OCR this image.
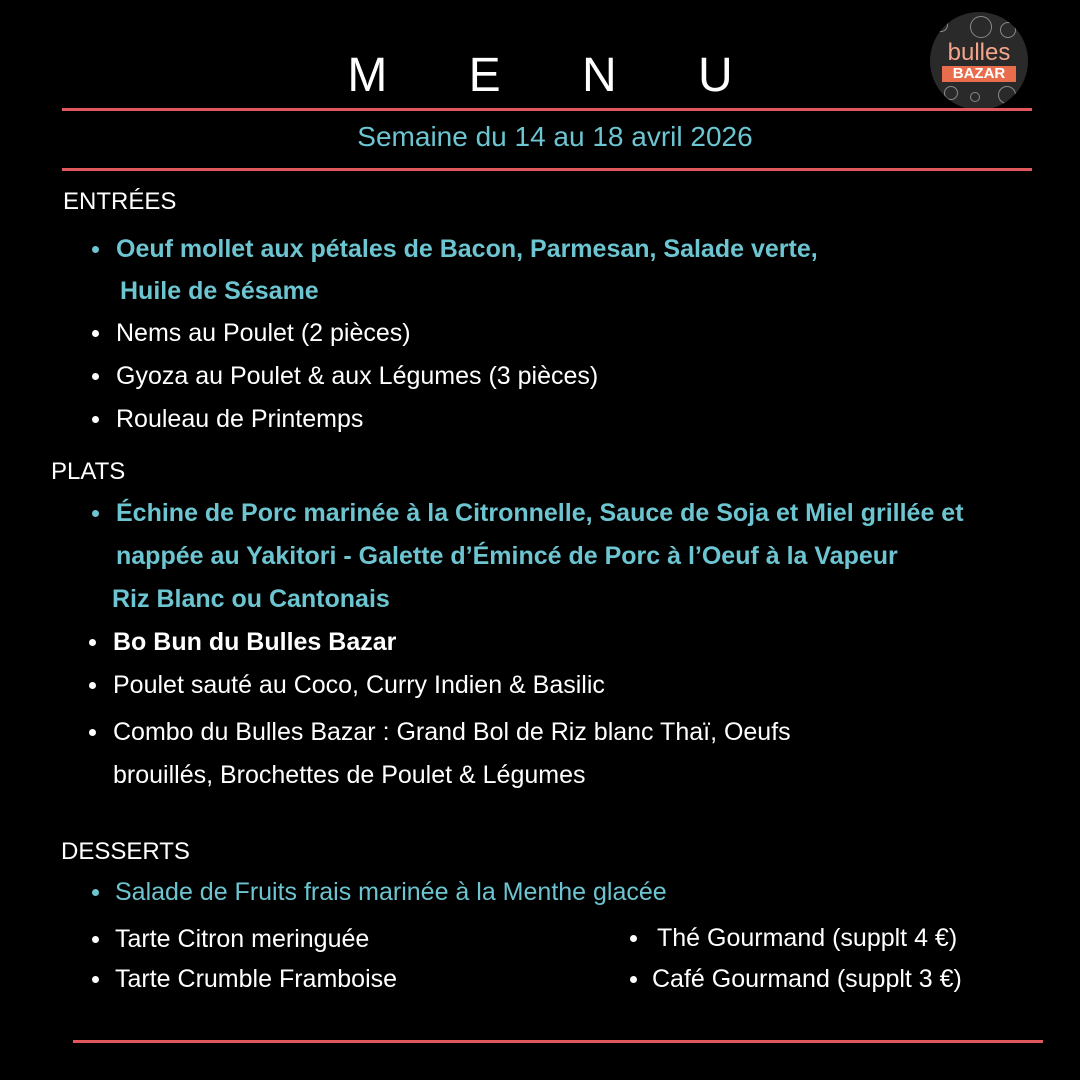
M E N U	bulles
BAZAR
Semaine du 14 au 18 avril 2026
ENTRÉES
Oeuf mollet aux pétales de Bacon, Parmesan, Salade verte,
Huile de Sésame
Nems au Poulet (2 pièces)
Gyoza au Poulet & aux Légumes (3 pièces)
Rouleau de Printemps
PLATS
Échine de Porc marinée à la Citronnelle, Sauce de Soja et Miel grillée et
nappée au Yakitori - Galette d’Émincé de Porc à l’Oeuf à la Vapeur
Riz Blanc ou Cantonais
Bo Bun du Bulles Bazar
Poulet sauté au Coco, Curry Indien & Basilic
Combo du Bulles Bazar : Grand Bol de Riz blanc Thaï, Oeufs
brouillés, Brochettes de Poulet & Légumes
DESSERTS
Salade de Fruits frais marinée à la Menthe glacée
Tarte Citron meringuée
Tarte Crumble Framboise
Thé Gourmand (supplt 4 €)
Café Gourmand (supplt 3 €)
